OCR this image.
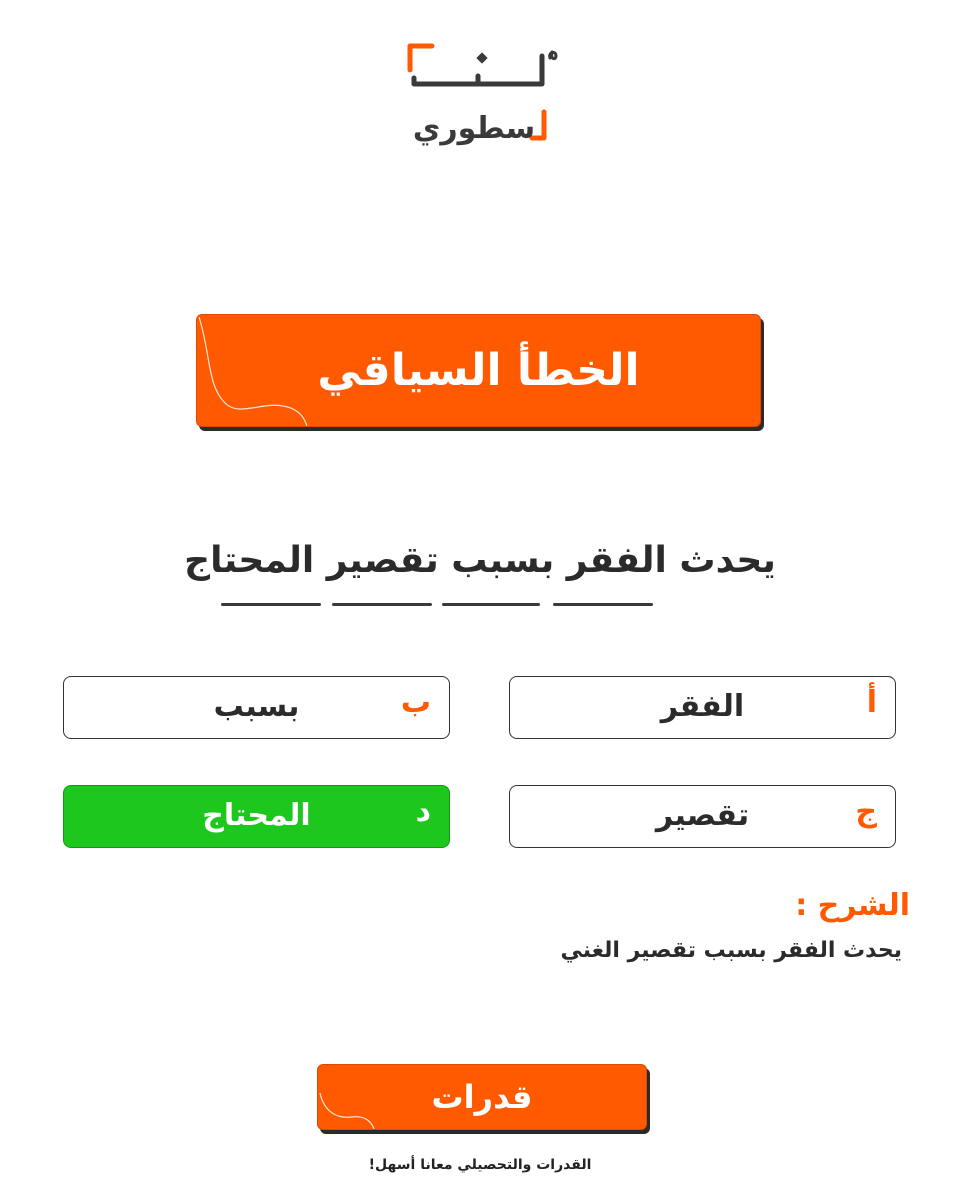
سطوري
الخطأ السياقي
يحدث الفقر بسبب تقصير المحتاج
أ
الفقر
ب
بسبب
ج
تقصير
د
المحتاج
الشرح :
يحدث الفقر بسبب تقصير الغني
قدرات
القدرات والتحصيلي معانا أسهل!
